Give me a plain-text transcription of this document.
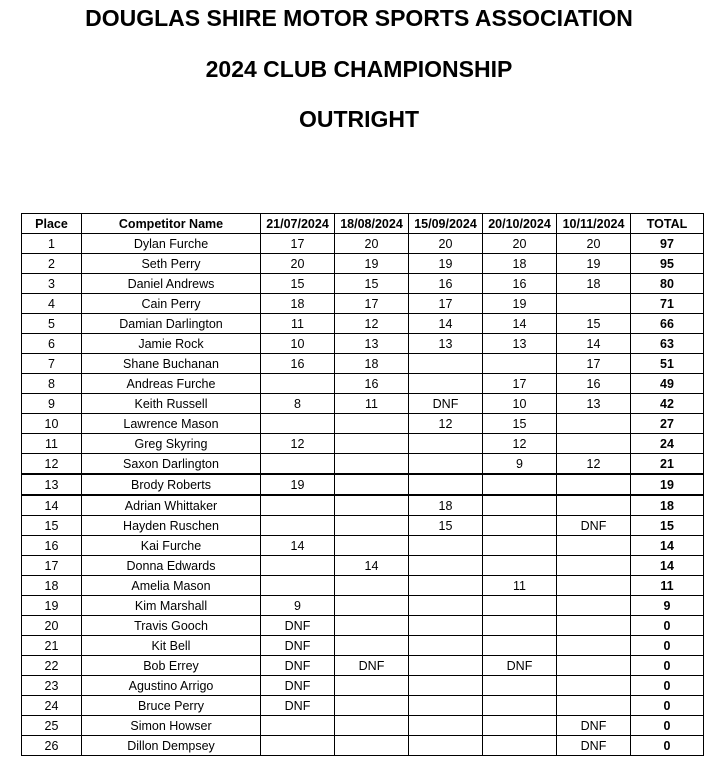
DOUGLAS SHIRE MOTOR SPORTS ASSOCIATION
2024 CLUB CHAMPIONSHIP
OUTRIGHT
Place	Competitor Name	21/07/2024	18/08/2024	15/09/2024	20/10/2024	10/11/2024	TOTAL
1	Dylan Furche	17	20	20	20	20	97
2	Seth Perry	20	19	19	18	19	95
3	Daniel Andrews	15	15	16	16	18	80
4	Cain Perry	18	17	17	19		71
5	Damian Darlington	11	12	14	14	15	66
6	Jamie Rock	10	13	13	13	14	63
7	Shane Buchanan	16	18			17	51
8	Andreas Furche		16		17	16	49
9	Keith Russell	8	11	DNF	10	13	42
10	Lawrence Mason			12	15		27
11	Greg Skyring	12			12		24
12	Saxon Darlington				9	12	21
13	Brody Roberts	19					19
14	Adrian Whittaker			18			18
15	Hayden Ruschen			15		DNF	15
16	Kai Furche	14					14
17	Donna Edwards		14				14
18	Amelia Mason				11		11
19	Kim Marshall	9					9
20	Travis Gooch	DNF					0
21	Kit Bell	DNF					0
22	Bob Errey	DNF	DNF		DNF		0
23	Agustino Arrigo	DNF					0
24	Bruce Perry	DNF					0
25	Simon Howser					DNF	0
26	Dillon Dempsey					DNF	0
